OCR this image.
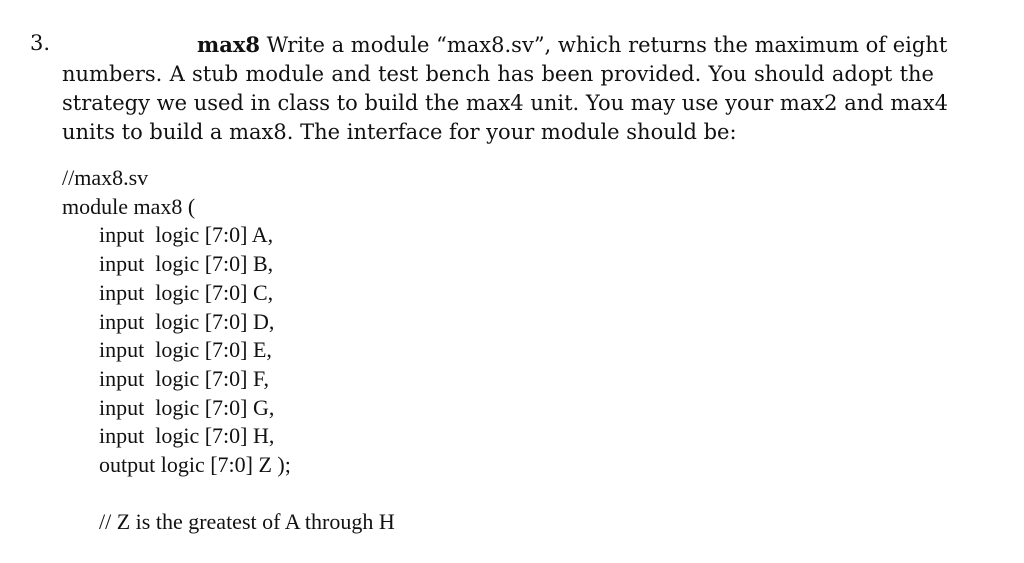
3.	max8 Write a module “max8.sv”, which returns the maximum of eight
numbers. A stub module and test bench has been provided. You should adopt the
strategy we used in class to build the max4 unit. You may use your max2 and max4
units to build a max8. The interface for your module should be:
//max8.sv
module max8 (
input  logic [7:0] A,
input  logic [7:0] B,
input  logic [7:0] C,
input  logic [7:0] D,
input  logic [7:0] E,
input  logic [7:0] F,
input  logic [7:0] G,
input  logic [7:0] H,
output logic [7:0] Z );
// Z is the greatest of A through H
